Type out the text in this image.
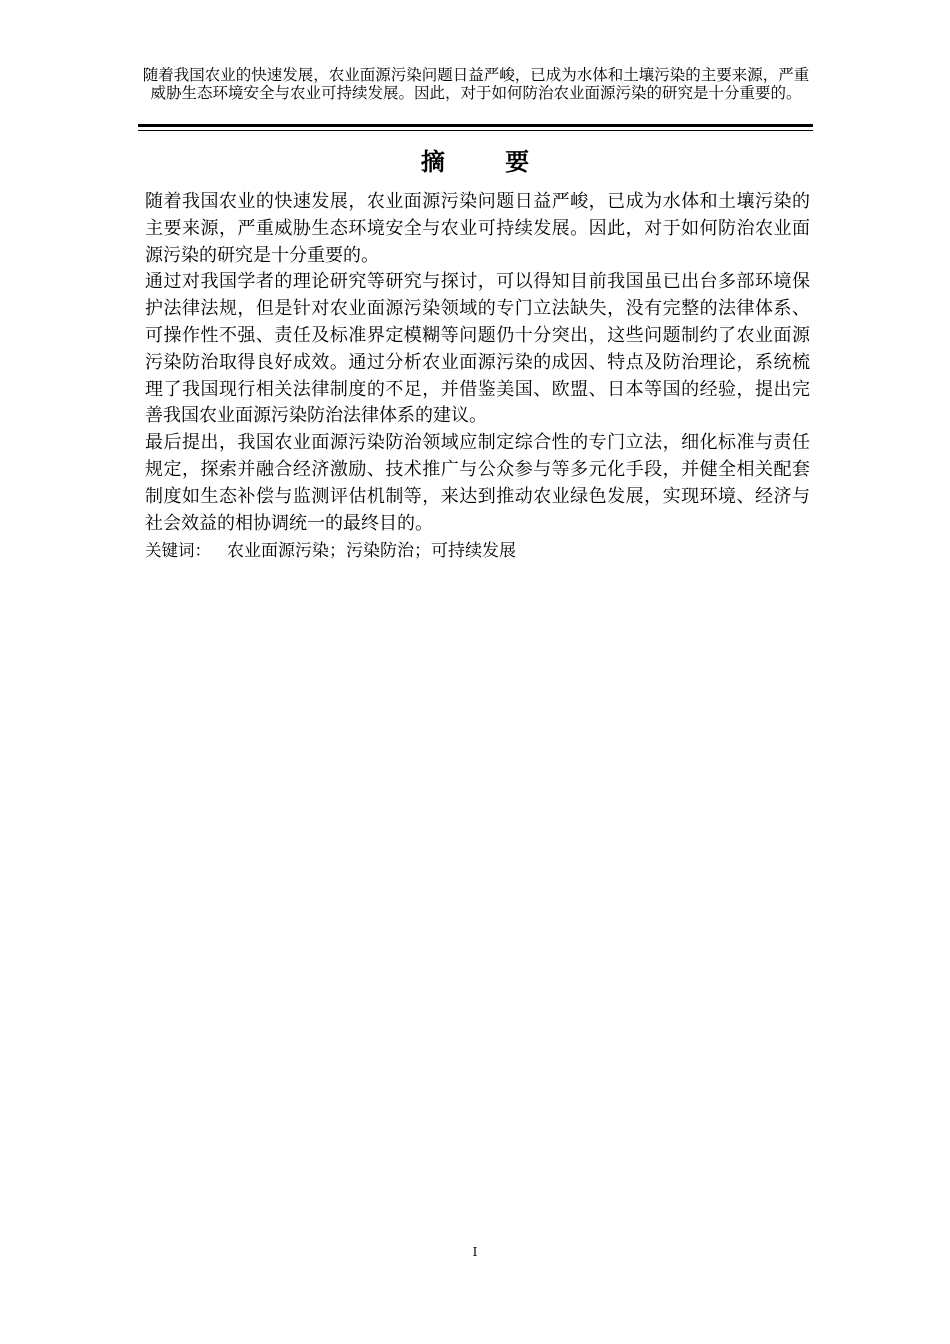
随着我国农业的快速发展，农业面源污染问题日益严峻，已成为水体和土壤污染的主要来源，严重威胁生态环境安全与农业可持续发展。因此，对于如何防治农业面源污染的研究是十分重要的。
摘 要

随着我国农业的快速发展，农业面源污染问题日益严峻，已成为水体和土壤污染的主要来源，严重威胁生态环境安全与农业可持续发展。因此，对于如何防治农业面源污染的研究是十分重要的。

通过对我国学者的理论研究等研究与探讨，可以得知目前我国虽已出台多部环境保护法律法规，但是针对农业面源污染领域的专门立法缺失，没有完整的法律体系、可操作性不强、责任及标准界定模糊等问题仍十分突出，这些问题制约了农业面源污染防治取得良好成效。通过分析农业面源污染的成因、特点及防治理论，系统梳理了我国现行相关法律制度的不足，并借鉴美国、欧盟、日本等国的经验，提出完善我国农业面源污染防治法律体系的建议。

最后提出，我国农业面源污染防治领域应制定综合性的专门立法，细化标准与责任规定，探索并融合经济激励、技术推广与公众参与等多元化手段，并健全相关配套制度如生态补偿与监测评估机制等，来达到推动农业绿色发展，实现环境、经济与社会效益的相协调统一的最终目的。

关键词： 农业面源污染；污染防治；可持续发展
I
